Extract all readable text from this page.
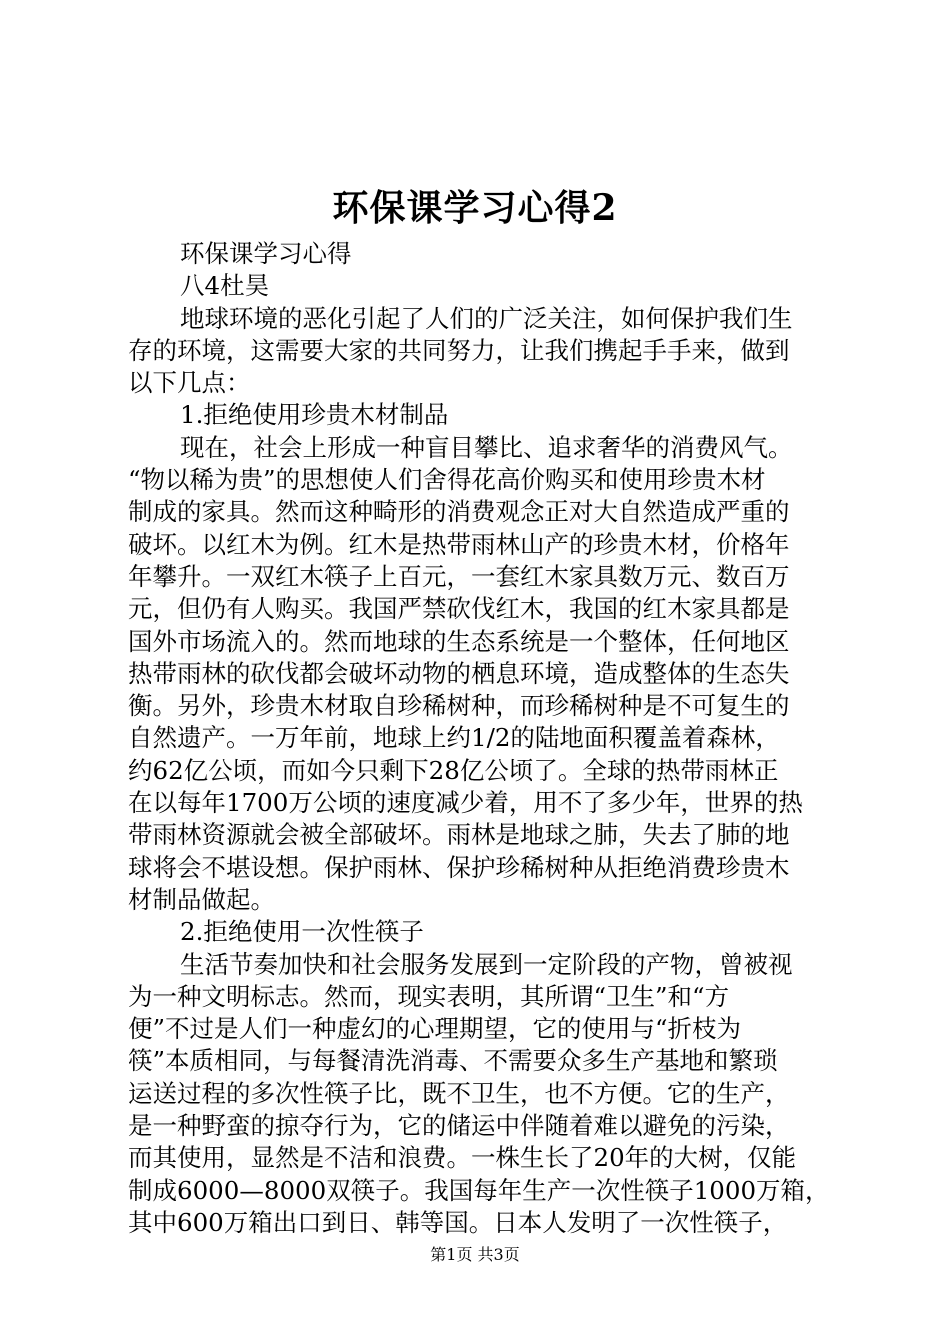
环保课学习心得2
环保课学习心得
八4杜昊
地球环境的恶化引起了人们的广泛关注，如何保护我们生
存的环境，这需要大家的共同努力，让我们携起手手来，做到
以下几点：
1.拒绝使用珍贵木材制品
现在，社会上形成一种盲目攀比、追求奢华的消费风气。
“物以稀为贵”的思想使人们舍得花高价购买和使用珍贵木材
制成的家具。然而这种畸形的消费观念正对大自然造成严重的
破坏。以红木为例。红木是热带雨林山产的珍贵木材，价格年
年攀升。一双红木筷子上百元，一套红木家具数万元、数百万
元，但仍有人购买。我国严禁砍伐红木，我国的红木家具都是
国外市场流入的。然而地球的生态系统是一个整体，任何地区
热带雨林的砍伐都会破坏动物的栖息环境，造成整体的生态失
衡。另外，珍贵木材取自珍稀树种，而珍稀树种是不可复生的
自然遗产。一万年前，地球上约1/2的陆地面积覆盖着森林，
约62亿公顷，而如今只剩下28亿公顷了。全球的热带雨林正
在以每年1700万公顷的速度减少着，用不了多少年，世界的热
带雨林资源就会被全部破坏。雨林是地球之肺，失去了肺的地
球将会不堪设想。保护雨林、保护珍稀树种从拒绝消费珍贵木
材制品做起。
2.拒绝使用一次性筷子
生活节奏加快和社会服务发展到一定阶段的产物，曾被视
为一种文明标志。然而，现实表明，其所谓“卫生”和“方
便”不过是人们一种虚幻的心理期望，它的使用与“折枝为
筷”本质相同，与每餐清洗消毒、不需要众多生产基地和繁琐
运送过程的多次性筷子比，既不卫生，也不方便。它的生产，
是一种野蛮的掠夺行为，它的储运中伴随着难以避免的污染，
而其使用，显然是不洁和浪费。一株生长了20年的大树，仅能
制成6000—8000双筷子。我国每年生产一次性筷子1000万箱，
其中600万箱出口到日、韩等国。日本人发明了一次性筷子，
第1页 共3页
